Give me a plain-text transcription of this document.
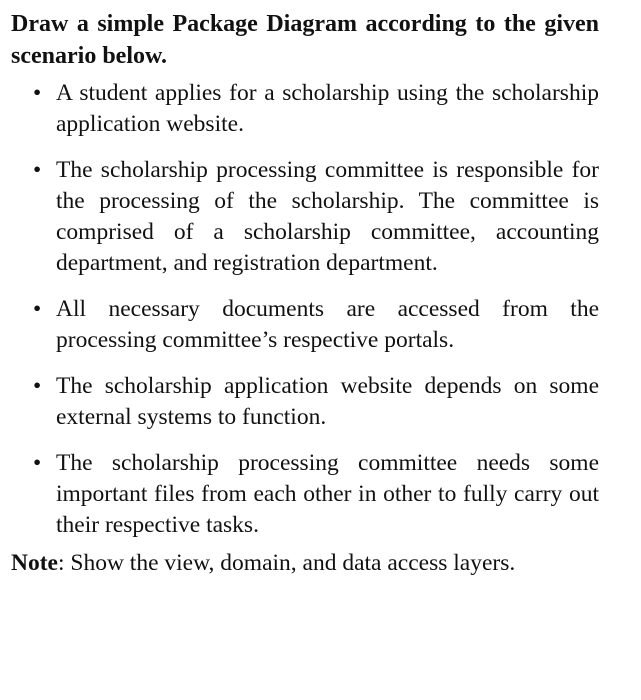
Draw a simple Package Diagram according to the given scenario below.
• A student applies for a scholarship using the scholarship application website.
• The scholarship processing committee is responsible for the processing of the scholarship. The committee is comprised of a scholarship committee, accounting department, and registration department.
• All necessary documents are accessed from the processing committee’s respective portals.
• The scholarship application website depends on some external systems to function.
• The scholarship processing committee needs some important files from each other in other to fully carry out their respective tasks.
Note: Show the view, domain, and data access layers.
